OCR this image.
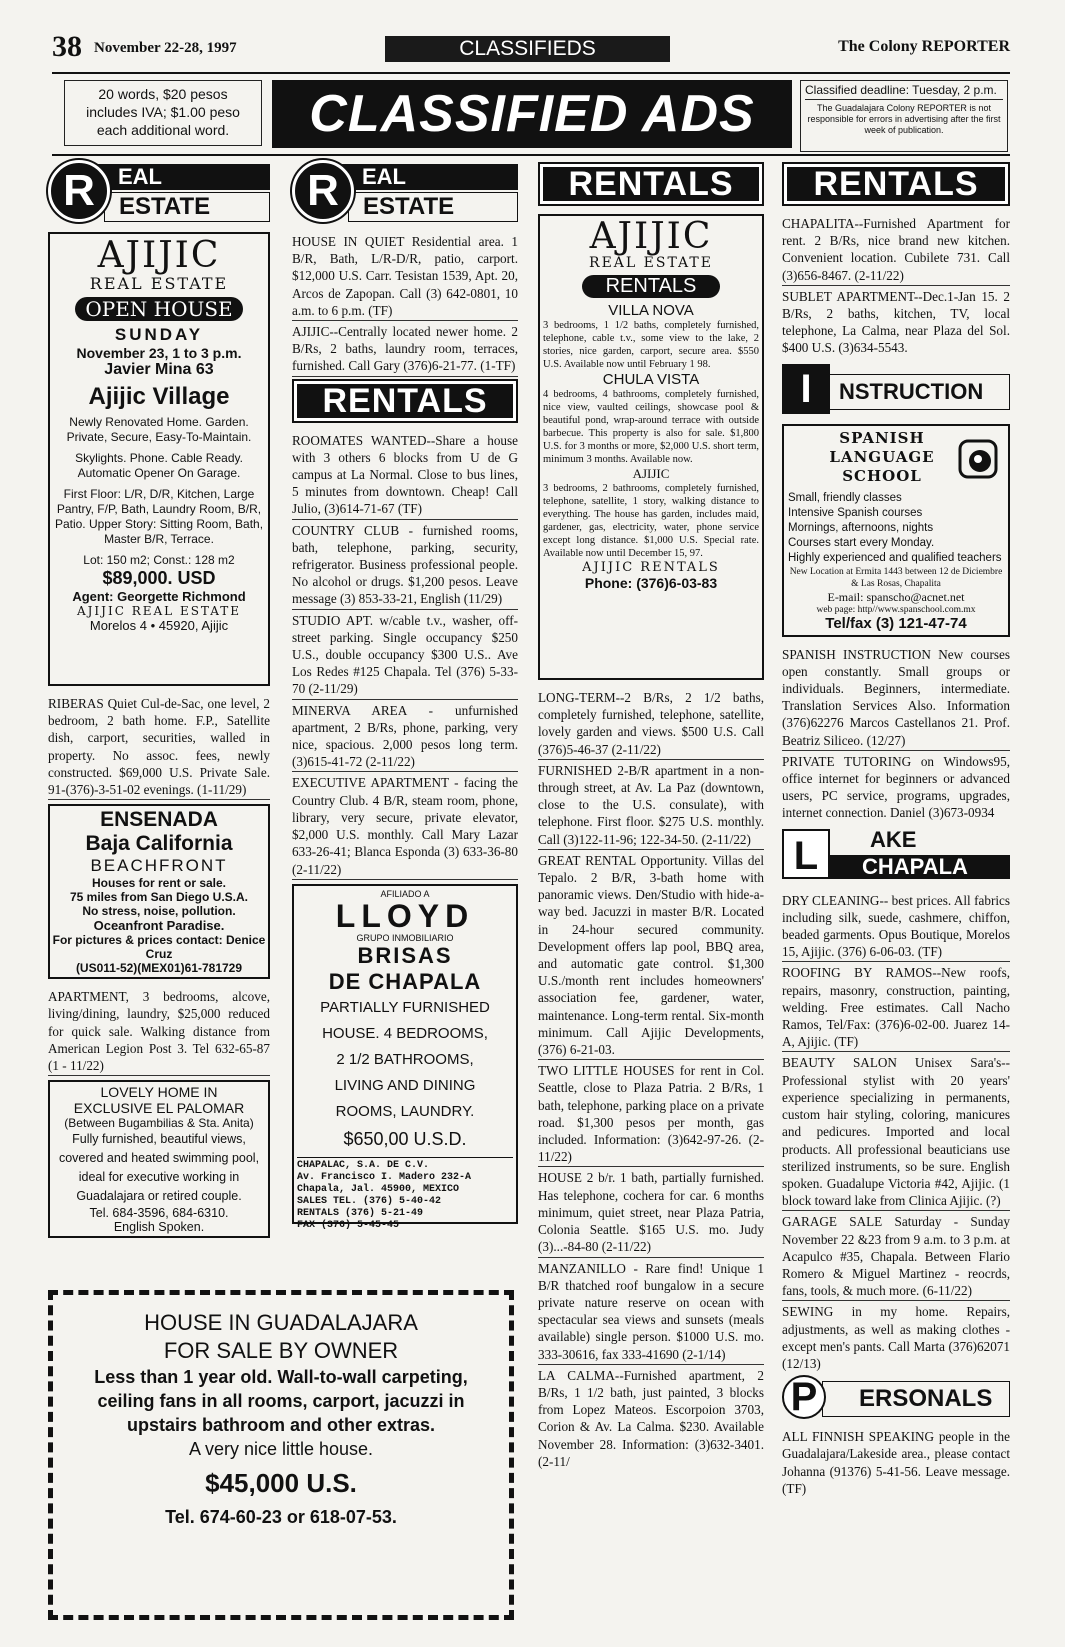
38 November 22-28, 1997	CLASSIFIEDS	The Colony REPORTER
20 words, $20 pesos
includes IVA; $1.00 peso
each additional word.	CLASSIFIED ADS	Classified deadline: Tuesday, 2 p.m.
The Guadalajara Colony REPORTER is not responsible for errors in advertising after the first week of publication.
EAL
ESTATE
R
AJIJIC
REAL ESTATE
OPEN HOUSE
SUNDAY
November 23, 1 to 3 p.m.
Javier Mina 63
Ajijic Village
Newly Renovated Home. Garden. Private, Secure, Easy-To-Maintain.
Skylights. Phone. Cable Ready. Automatic Opener On Garage.
First Floor: L/R, D/R, Kitchen, Large Pantry, F/P, Bath, Laundry Room, B/R, Patio. Upper Story: Sitting Room, Bath, Master B/R, Terrace.
Lot: 150 m2; Const.: 128 m2
$89,000. USD
Agent: Georgette Richmond
AJIJIC REAL ESTATE
Morelos 4 • 45920, Ajijic
RIBERAS Quiet Cul-de-Sac, one level, 2 bedroom, 2 bath home. F.P., Satellite dish, carport, securities, walled in property. No assoc. fees, newly constructed. $69,000 U.S. Private Sale. 91-(376)-3-51-02 evenings. (1-11/29)
ENSENADA
Baja California
BEACHFRONT
Houses for rent or sale.
75 miles from San Diego U.S.A.
No stress, noise, pollution.
Oceanfront Paradise.
For pictures & prices contact: Denice Cruz
(US011-52)(MEX01)61-781729
APARTMENT, 3 bedrooms, alcove, living/dining, laundry, $25,000 reduced for quick sale. Walking distance from American Legion Post 3. Tel 632-65-87 (1 - 11/22)
LOVELY HOME IN
EXCLUSIVE EL PALOMAR
(Between Bugambilias & Sta. Anita)
Fully furnished, beautiful views, covered and heated swimming pool, ideal for executive working in Guadalajara or retired couple.
Tel. 684-3596, 684-6310.
English Spoken.
EAL
ESTATE
R
HOUSE IN QUIET Residential area. 1 B/R, Bath, L/R-D/R, patio, carport. $12,000 U.S. Carr. Tesistan 1539, Apt. 20, Arcos de Zapopan. Call (3) 642-0801, 10 a.m. to 6 p.m. (TF)
AJIJIC--Centrally located newer home. 2 B/Rs, 2 baths, laundry room, terraces, furnished. Call Gary (376)6-21-77. (1-TF)
RENTALS
ROOMATES WANTED--Share a house with 3 others 6 blocks from U de G campus at La Normal. Close to bus lines, 5 minutes from downtown. Cheap! Call Julio, (3)614-71-67 (TF)
COUNTRY CLUB - furnished rooms, bath, telephone, parking, security, refrigerator. Business professional people. No alcohol or drugs. $1,200 pesos. Leave message (3) 853-33-21, English (11/29)
STUDIO APT. w/cable t.v., washer, off-street parking. Single occupancy $250 U.S., double occupancy $300 U.S.. Ave Los Redes #125 Chapala. Tel (376) 5-33-70 (2-11/29)
MINERVA AREA - unfurnished apartment, 2 B/Rs, phone, parking, very nice, spacious. 2,000 pesos long term. (3)615-41-72 (2-11/22)
EXECUTIVE APARTMENT - facing the Country Club. 4 B/R, steam room, phone, library, very secure, private elevator, $2,000 U.S. monthly. Call Mary Lazar 633-26-41; Blanca Esponda (3) 633-36-80 (2-11/22)
AFILIADO A
LLOYD
GRUPO INMOBILIARIO
BRISAS
DE CHAPALA
PARTIALLY FURNISHED
HOUSE. 4 BEDROOMS,
2 1/2 BATHROOMS,
LIVING AND DINING
ROOMS, LAUNDRY.
$650,00 U.S.D.
CHAPALAC, S.A. DE C.V.
Av. Francisco I. Madero 232-A
Chapala, Jal. 45900, MEXICO
SALES TEL. (376) 5-40-42
RENTALS (376) 5-21-49
FAX (376) 5-45-45
RENTALS
AJIJIC
REAL ESTATE
RENTALS
VILLA NOVA
3 bedrooms, 1 1/2 baths, completely furnished, telephone, cable t.v., some view to the lake, 2 stories, nice garden, carport, secure area. $550 U.S. Available now until February 1 98.
CHULA VISTA
4 bedrooms, 4 bathrooms, completely furnished, nice view, vaulted ceilings, showcase pool & beautiful pond, wrap-around terrace with outside barbecue. This property is also for sale. $1,800 U.S. for 3 months or more, $2,000 U.S. short term, minimum 3 months. Available now.
AJIJIC
3 bedrooms, 2 bathrooms, completely furnished, telephone, satellite, 1 story, walking distance to everything. The house has garden, includes maid, gardener, gas, electricity, water, phone service except long distance. $1,000 U.S. Special rate. Available now until December 15, 97.
AJIJIC RENTALS
Phone: (376)6-03-83
LONG-TERM--2 B/Rs, 2 1/2 baths, completely furnished, telephone, satellite, lovely garden and views. $500 U.S. Call (376)5-46-37 (2-11/22)
FURNISHED 2-B/R apartment in a non-through street, at Av. La Paz (downtown, close to the U.S. consulate), with telephone. First floor. $275 U.S. monthly. Call (3)122-11-96; 122-34-50. (2-11/22)
GREAT RENTAL Opportunity. Villas del Tepalo. 2 B/R, 3-bath home with panoramic views. Den/Studio with hide-a-way bed. Jacuzzi in master B/R. Located in 24-hour secured community. Development offers lap pool, BBQ area, and automatic gate control. $1,300 U.S./month rent includes homeowners' association fee, gardener, water, maintenance. Long-term rental. Six-month minimum. Call Ajijic Developments, (376) 6-21-03.
TWO LITTLE HOUSES for rent in Col. Seattle, close to Plaza Patria. 2 B/Rs, 1 bath, telephone, parking place on a private road. $1,300 pesos per month, gas included. Information: (3)642-97-26. (2-11/22)
HOUSE 2 b/r. 1 bath, partially furnished. Has telephone, cochera for car. 6 months minimum, quiet street, near Plaza Patria, Colonia Seattle. $165 U.S. mo. Judy (3)...-84-80 (2-11/22)
MANZANILLO - Rare find! Unique 1 B/R thatched roof bungalow in a secure private nature reserve on ocean with spectacular sea views and sunsets (meals available) single person. $1000 U.S. mo. 333-30616, fax 333-41690 (2-1/14)
LA CALMA--Furnished apartment, 2 B/Rs, 1 1/2 bath, just painted, 3 blocks from Lopez Mateos. Escorpoion 3703, Corion & Av. La Calma. $230. Available November 28. Information: (3)632-3401. (2-11/
RENTALS
CHAPALITA--Furnished Apartment for rent. 2 B/Rs, nice brand new kitchen. Convenient location. Cubilete 731. Call (3)656-8467. (2-11/22)
SUBLET APARTMENT--Dec.1-Jan 15. 2 B/Rs, 2 baths, kitchen, TV, local telephone, La Calma, near Plaza del Sol. $400 U.S. (3)634-5543.
NSTRUCTION
I
SPANISH
LANGUAGE
SCHOOL
Small, friendly classes
Intensive Spanish courses
Mornings, afternoons, nights
Courses start every Monday.
Highly experienced and qualified teachers
New Location at Ermita 1443 between 12 de Diciembre & Las Rosas, Chapalita
E-mail: spanscho@acnet.net
web page: http//www.spanschool.com.mx
Tel/fax (3) 121-47-74
SPANISH INSTRUCTION New courses open constantly. Small groups or individuals. Beginners, intermediate. Translation Services Also. Information (376)62276 Marcos Castellanos 21. Prof. Beatriz Siliceo. (12/27)
PRIVATE TUTORING on Windows95, office internet for beginners or advanced users, PC service, programs, upgrades, internet connection. Daniel (3)673-0934
AKE
CHAPALA
L
DRY CLEANING-- best prices. All fabrics including silk, suede, cashmere, chiffon, beaded garments. Opus Boutique, Morelos 15, Ajijic. (376) 6-06-03. (TF)
ROOFING BY RAMOS--New roofs, repairs, masonry, construction, painting, welding. Free estimates. Call Nacho Ramos, Tel/Fax: (376)6-02-00. Juarez 14-A, Ajijic. (TF)
BEAUTY SALON Unisex Sara's-- Professional stylist with 20 years' experience specializing in permanents, custom hair styling, coloring, manicures and pedicures. Imported and local products. All professional beauticians use sterilized instruments, so be sure. English spoken. Guadalupe Victoria #42, Ajijic. (1 block toward lake from Clinica Ajijic. (?)
GARAGE SALE Saturday - Sunday November 22 &23 from 9 a.m. to 3 p.m. at Acapulco #35, Chapala. Between Flario Romero & Miguel Martinez - reocrds, fans, tools, & much more. (6-11/22)
SEWING in my home. Repairs, adjustments, as well as making clothes - except men's pants. Call Marta (376)62071 (12/13)
ERSONALS
P
ALL FINNISH SPEAKING people in the Guadalajara/Lakeside area., please contact Johanna (91376) 5-41-56. Leave message. (TF)
HOUSE IN GUADALAJARA
FOR SALE BY OWNER
Less than 1 year old. Wall-to-wall carpeting,
ceiling fans in all rooms, carport, jacuzzi in
upstairs bathroom and other extras.
A very nice little house.
$45,000 U.S.
Tel. 674-60-23 or 618-07-53.
